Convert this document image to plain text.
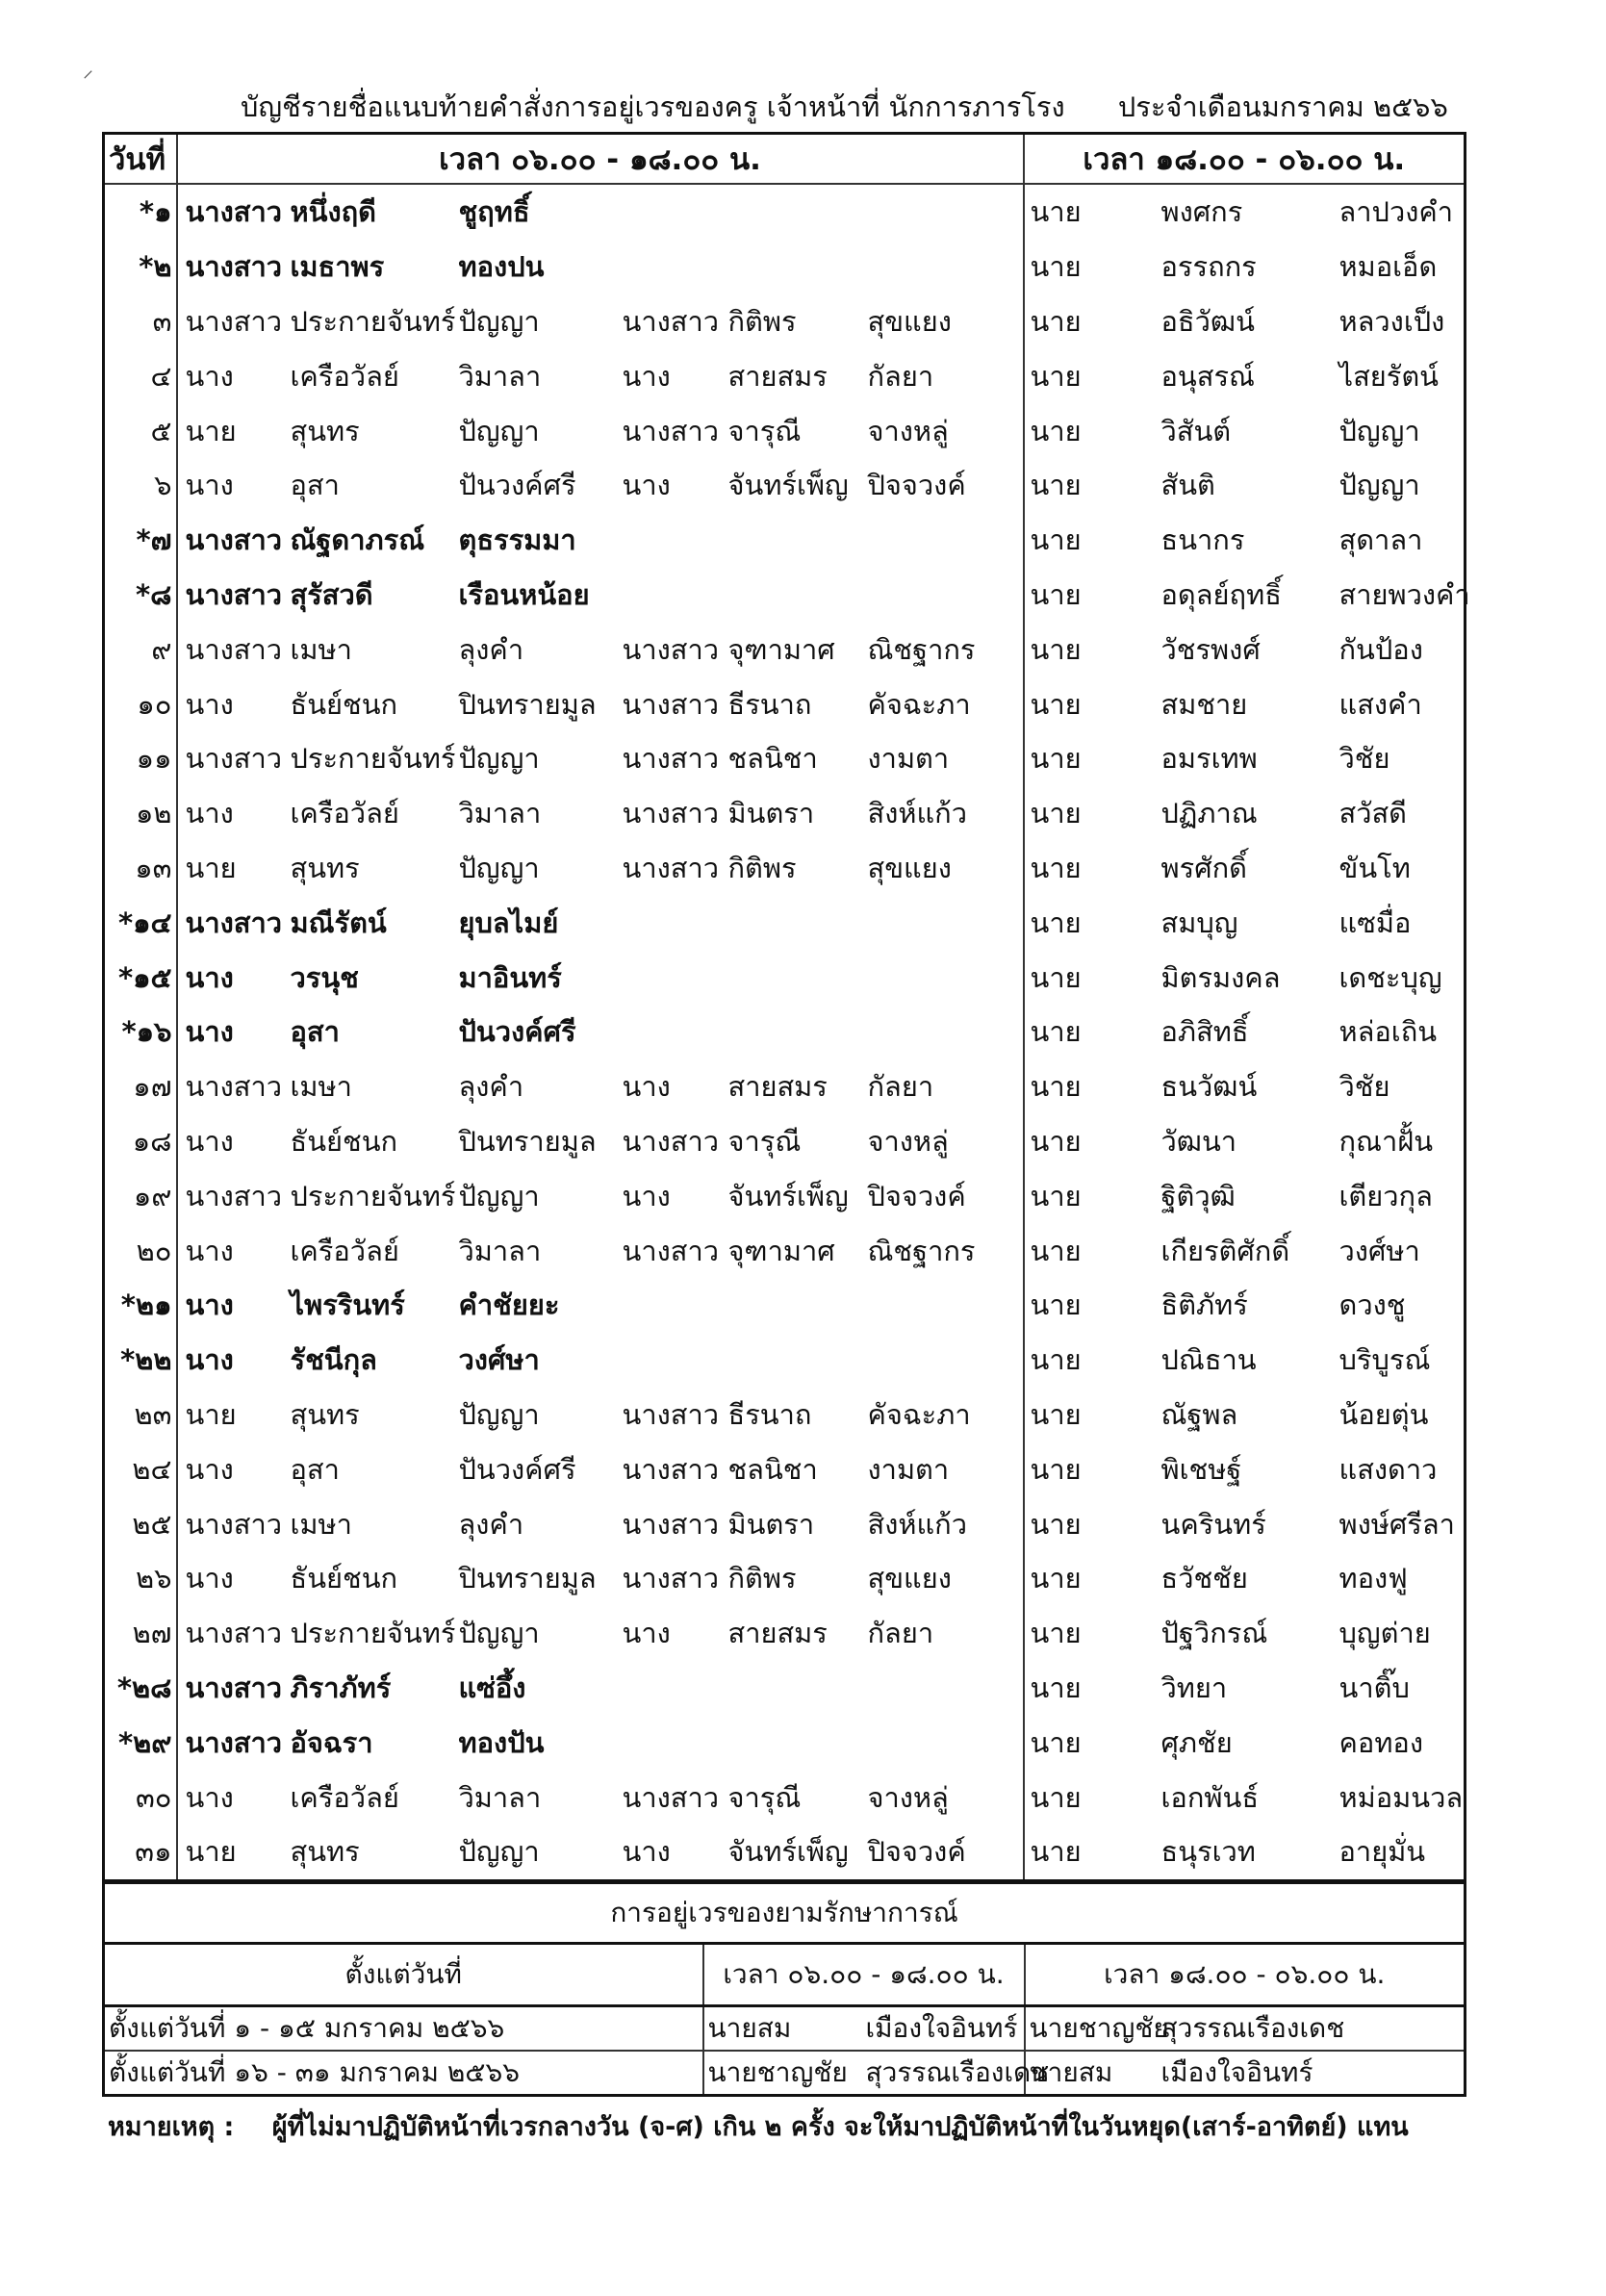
⸍
บัญชีรายชื่อแนบท้ายคำสั่งการอยู่เวรของครู เจ้าหน้าที่ นักการภารโรง ประจำเดือนมกราคม ๒๕๖๖
วันที่	เวลา ๐๖.๐๐ - ๑๘.๐๐ น.						เวลา ๑๘.๐๐ - ๐๖.๐๐ น.		
*๑	นางสาว	หนึ่งฤดี	ชูฤทธิ์				นาย	พงศกร	ลาปวงคำ
*๒	นางสาว	เมธาพร	ทองปน				นาย	อรรถกร	หมอเอ็ด
๓	นางสาว	ประกายจันทร์	ปัญญา	นางสาว	กิติพร	สุขแยง	นาย	อธิวัฒน์	หลวงเป็ง
๔	นาง	เครือวัลย์	วิมาลา	นาง	สายสมร	กัลยา	นาย	อนุสรณ์	ไสยรัตน์
๕	นาย	สุนทร	ปัญญา	นางสาว	จารุณี	จางหลู่	นาย	วิสันต์	ปัญญา
๖	นาง	อุสา	ปันวงค์ศรี	นาง	จันทร์เพ็ญ	ปิจจวงค์	นาย	สันติ	ปัญญา
*๗	นางสาว	ณัฐดาภรณ์	ตุธรรมมา				นาย	ธนากร	สุดาลา
*๘	นางสาว	สุรัสวดี	เรือนหน้อย				นาย	อดุลย์ฤทธิ์	สายพวงคำ
๙	นางสาว	เมษา	ลุงคำ	นางสาว	จุฑามาศ	ณิชฐากร	นาย	วัชรพงศ์	กันป้อง
๑๐	นาง	ธันย์ชนก	ปินทรายมูล	นางสาว	ธีรนาถ	คัจฉะภา	นาย	สมชาย	แสงคำ
๑๑	นางสาว	ประกายจันทร์	ปัญญา	นางสาว	ชลนิชา	งามตา	นาย	อมรเทพ	วิชัย
๑๒	นาง	เครือวัลย์	วิมาลา	นางสาว	มินตรา	สิงห์แก้ว	นาย	ปฏิภาณ	สวัสดี
๑๓	นาย	สุนทร	ปัญญา	นางสาว	กิติพร	สุขแยง	นาย	พรศักดิ์	ขันโท
*๑๔	นางสาว	มณีรัตน์	ยุบลไมย์				นาย	สมบุญ	แซมื่อ
*๑๕	นาง	วรนุช	มาอินทร์				นาย	มิตรมงคล	เดชะบุญ
*๑๖	นาง	อุสา	ปันวงค์ศรี				นาย	อภิสิทธิ์	หล่อเถิน
๑๗	นางสาว	เมษา	ลุงคำ	นาง	สายสมร	กัลยา	นาย	ธนวัฒน์	วิชัย
๑๘	นาง	ธันย์ชนก	ปินทรายมูล	นางสาว	จารุณี	จางหลู่	นาย	วัฒนา	กุณาฝั้น
๑๙	นางสาว	ประกายจันทร์	ปัญญา	นาง	จันทร์เพ็ญ	ปิจจวงค์	นาย	ฐิติวุฒิ	เตียวกุล
๒๐	นาง	เครือวัลย์	วิมาลา	นางสาว	จุฑามาศ	ณิชฐากร	นาย	เกียรติศักดิ์	วงศ์ษา
*๒๑	นาง	ไพรรินทร์	คำชัยยะ				นาย	ธิติภัทร์	ดวงชู
*๒๒	นาง	รัชนีกุล	วงศ์ษา				นาย	ปณิธาน	บริบูรณ์
๒๓	นาย	สุนทร	ปัญญา	นางสาว	ธีรนาถ	คัจฉะภา	นาย	ณัฐพล	น้อยตุ่น
๒๔	นาง	อุสา	ปันวงค์ศรี	นางสาว	ชลนิชา	งามตา	นาย	พิเชษฐ์	แสงดาว
๒๕	นางสาว	เมษา	ลุงคำ	นางสาว	มินตรา	สิงห์แก้ว	นาย	นครินทร์	พงษ์ศรีลา
๒๖	นาง	ธันย์ชนก	ปินทรายมูล	นางสาว	กิติพร	สุขแยง	นาย	ธวัชชัย	ทองฟู
๒๗	นางสาว	ประกายจันทร์	ปัญญา	นาง	สายสมร	กัลยา	นาย	ปัฐวิกรณ์	บุญต่าย
*๒๘	นางสาว	ภิราภัทร์	แซ่อึ้ง				นาย	วิทยา	นาติ๊บ
*๒๙	นางสาว	อัจฉรา	ทองปัน				นาย	ศุภชัย	คอทอง
๓๐	นาง	เครือวัลย์	วิมาลา	นางสาว	จารุณี	จางหลู่	นาย	เอกพันธ์	หม่อมนวล
๓๑	นาย	สุนทร	ปัญญา	นาง	จันทร์เพ็ญ	ปิจจวงค์	นาย	ธนุรเวท	อายุมั่น
การอยู่เวรของยามรักษาการณ์				
ตั้งแต่วันที่	เวลา ๐๖.๐๐ - ๑๘.๐๐ น.		เวลา ๑๘.๐๐ - ๐๖.๐๐ น.	
ตั้งแต่วันที่ ๑ - ๑๕ มกราคม ๒๕๖๖	นายสม	เมืองใจอินทร์	นายชาญชัย	สุวรรณเรืองเดช
ตั้งแต่วันที่ ๑๖ - ๓๑ มกราคม ๒๕๖๖	นายชาญชัย	สุวรรณเรืองเดช	นายสม	เมืองใจอินทร์
หมายเหตุ : ผู้ที่ไม่มาปฏิบัติหน้าที่เวรกลางวัน (จ-ศ) เกิน ๒ ครั้ง จะให้มาปฏิบัติหน้าที่ในวันหยุด(เสาร์-อาทิตย์) แทน
